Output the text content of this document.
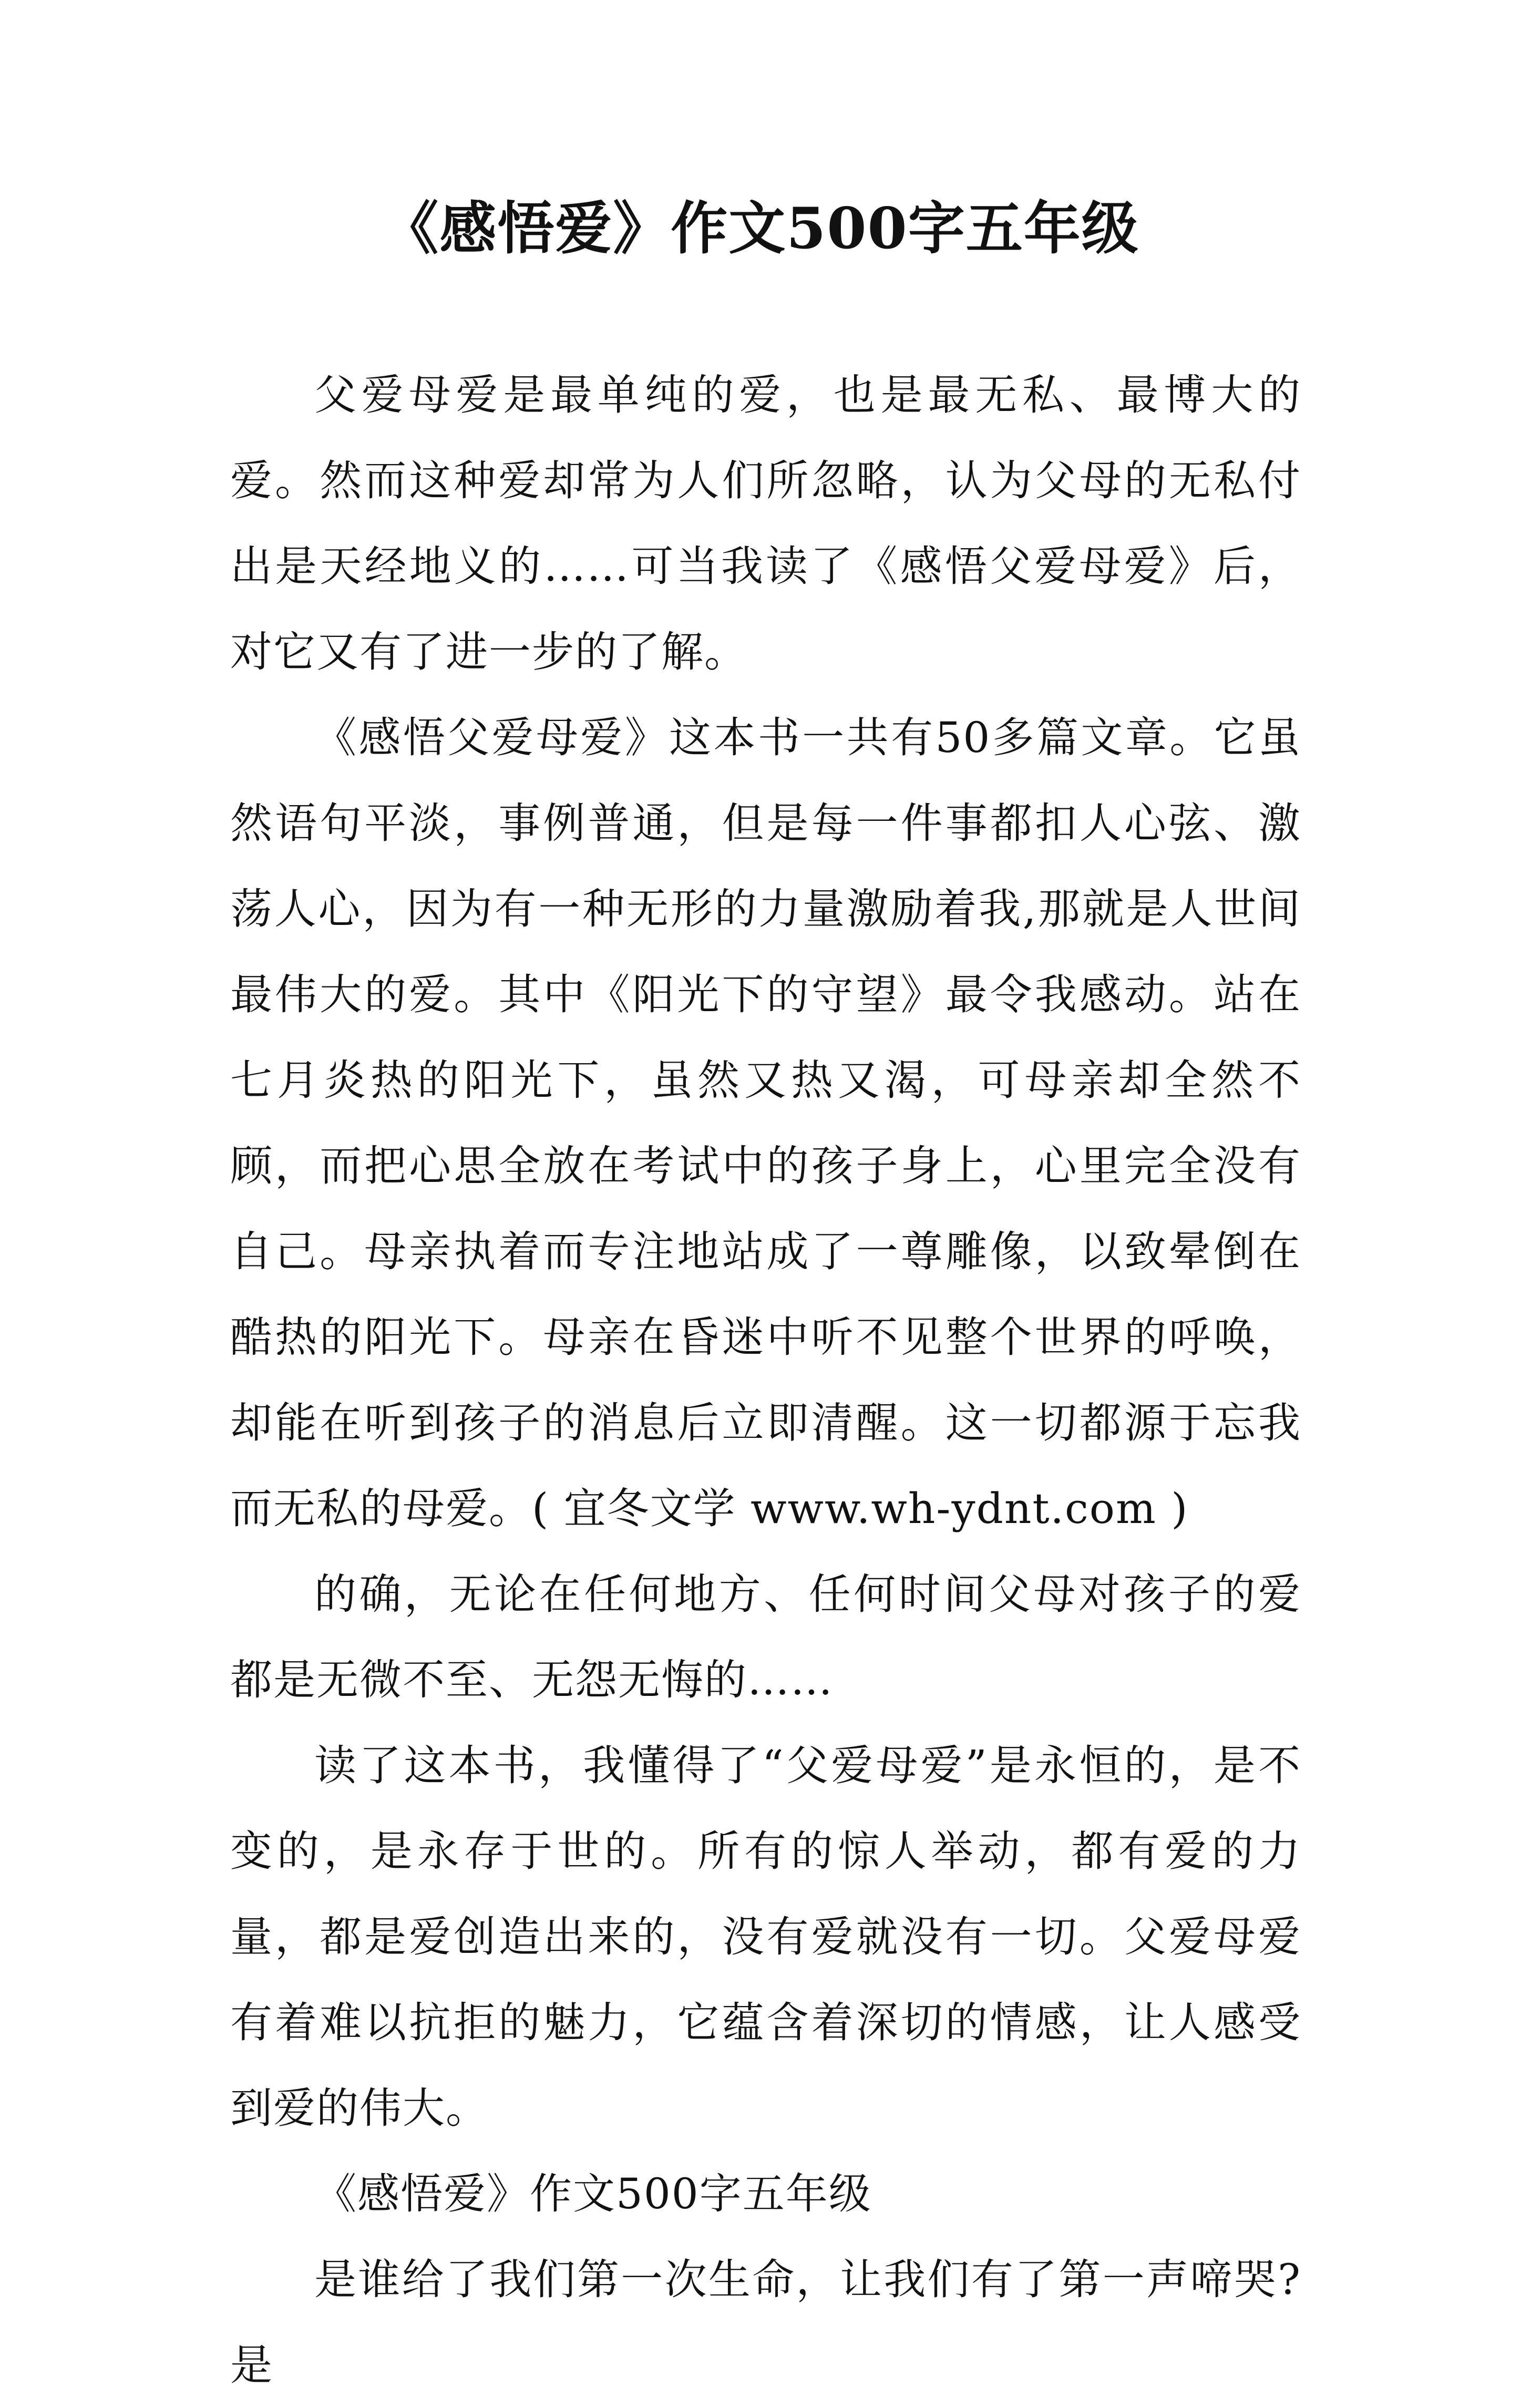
《感悟爱》作文500字五年级

父爱母爱是最单纯的爱，也是最无私、最博大的爱。然而这种爱却常为人们所忽略，认为父母的无私付出是天经地义的……可当我读了《感悟父爱母爱》后，对它又有了进一步的了解。

《感悟父爱母爱》这本书一共有50多篇文章。它虽然语句平淡，事例普通，但是每一件事都扣人心弦、激荡人心，因为有一种无形的力量激励着我,那就是人世间最伟大的爱。其中《阳光下的守望》最令我感动。站在七月炎热的阳光下，虽然又热又渴，可母亲却全然不顾，而把心思全放在考试中的孩子身上，心里完全没有自己。母亲执着而专注地站成了一尊雕像，以致晕倒在酷热的阳光下。母亲在昏迷中听不见整个世界的呼唤，却能在听到孩子的消息后立即清醒。这一切都源于忘我而无私的母爱。( 宜冬文学 www.wh-ydnt.com )

的确，无论在任何地方、任何时间父母对孩子的爱都是无微不至、无怨无悔的……

读了这本书，我懂得了“父爱母爱”是永恒的，是不变的，是永存于世的。所有的惊人举动，都有爱的力量，都是爱创造出来的，没有爱就没有一切。父爱母爱有着难以抗拒的魅力，它蕴含着深切的情感，让人感受到爱的伟大。

《感悟爱》作文500字五年级

是谁给了我们第一次生命，让我们有了第一声啼哭?是
